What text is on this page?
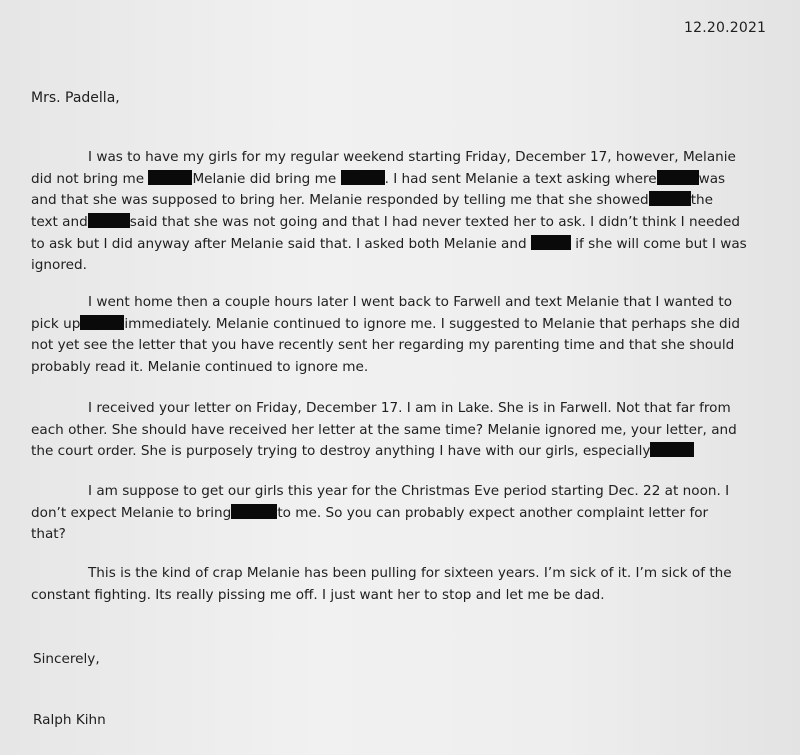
12.20.2021
Mrs. Padella,
I was to have my girls for my regular weekend starting Friday, December 17, however, Melanie
did not bring me	Melanie did bring me	. I had sent Melanie a text asking where	was
and that she was supposed to bring her. Melanie responded by telling me that she showed	the
text and	said that she was not going and that I had never texted her to ask. I didn’t think I needed
to ask but I did anyway after Melanie said that. I asked both Melanie and	if she will come but I was
ignored.
I went home then a couple hours later I went back to Farwell and text Melanie that I wanted to
pick up	immediately. Melanie continued to ignore me. I suggested to Melanie that perhaps she did
not yet see the letter that you have recently sent her regarding my parenting time and that she should
probably read it. Melanie continued to ignore me.
I received your letter on Friday, December 17. I am in Lake. She is in Farwell. Not that far from
each other. She should have received her letter at the same time? Melanie ignored me, your letter, and
the court order. She is purposely trying to destroy anything I have with our girls, especially
I am suppose to get our girls this year for the Christmas Eve period starting Dec. 22 at noon. I
don’t expect Melanie to bring	to me. So you can probably expect another complaint letter for
that?
This is the kind of crap Melanie has been pulling for sixteen years. I’m sick of it. I’m sick of the
constant fighting. Its really pissing me off. I just want her to stop and let me be dad.
Sincerely,
Ralph Kihn
